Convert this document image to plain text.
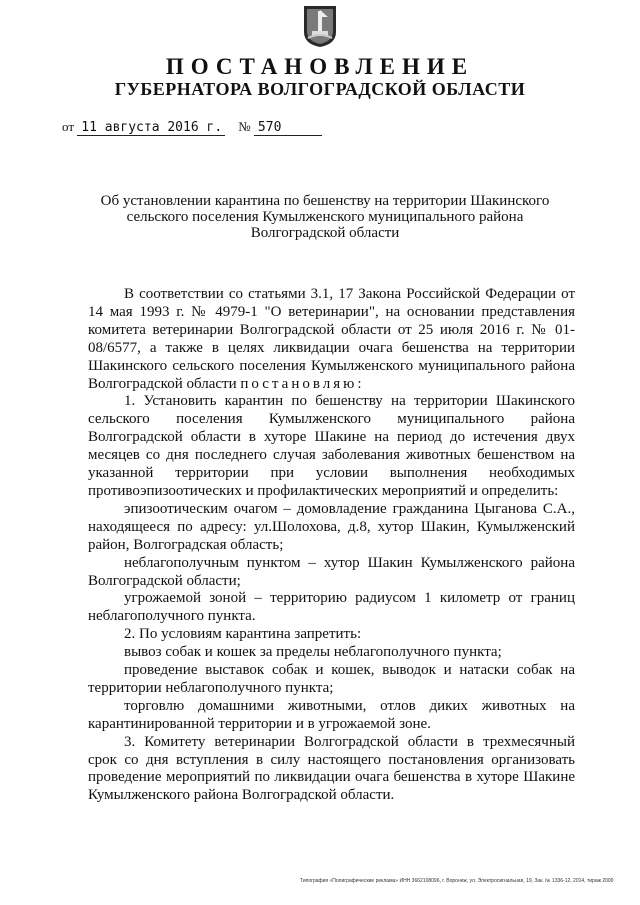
ПОСТАНОВЛЕНИЕ
ГУБЕРНАТОРА ВОЛГОГРАДСКОЙ ОБЛАСТИ
от 11 августа 2016 г. № 570
Об установлении карантина по бешенству на территории Шакинского
сельского поселения Кумылженского муниципального района
Волгоградской области

В соответствии со статьями 3.1, 17 Закона Российской Федерации от 14 мая 1993 г. № 4979-1 "О ветеринарии", на основании представления комитета ветеринарии Волгоградской области от 25 июля 2016 г. № 01-08/6577, а также в целях ликвидации очага бешенства на территории Шакинского сельского поселения Кумылженского муниципального района Волгоградской области постановляю:

1. Установить карантин по бешенству на территории Шакинского сельского поселения Кумылженского муниципального района Волгоградской области в хуторе Шакине на период до истечения двух месяцев со дня последнего случая заболевания животных бешенством на указанной территории при условии выполнения необходимых противоэпизоотических и профилактических мероприятий и определить:

эпизоотическим очагом – домовладение гражданина Цыганова С.А., находящееся по адресу: ул.Шолохова, д.8, хутор Шакин, Кумылженский район, Волгоградская область;

неблагополучным пунктом – хутор Шакин Кумылженского района Волгоградской области;

угрожаемой зоной – территорию радиусом 1 километр от границ неблагополучного пункта.

2. По условиям карантина запретить:

вывоз собак и кошек за пределы неблагополучного пункта;

проведение выставок собак и кошек, выводок и натаски собак на территории неблагополучного пункта;

торговлю домашними животными, отлов диких животных на карантинированной территории и в угрожаемой зоне.

3. Комитету ветеринарии Волгоградской области в трехмесячный срок со дня вступления в силу настоящего постановления организовать проведение мероприятий по ликвидации очага бешенства в хуторе Шакине Кумылженского района Волгоградской области.

Типография «Полиграфические реклама» ИНН 3662108096, г. Воронеж, ул. Электросигнальная, 19, Зак. № 1336-12, 2014, тираж 2000
